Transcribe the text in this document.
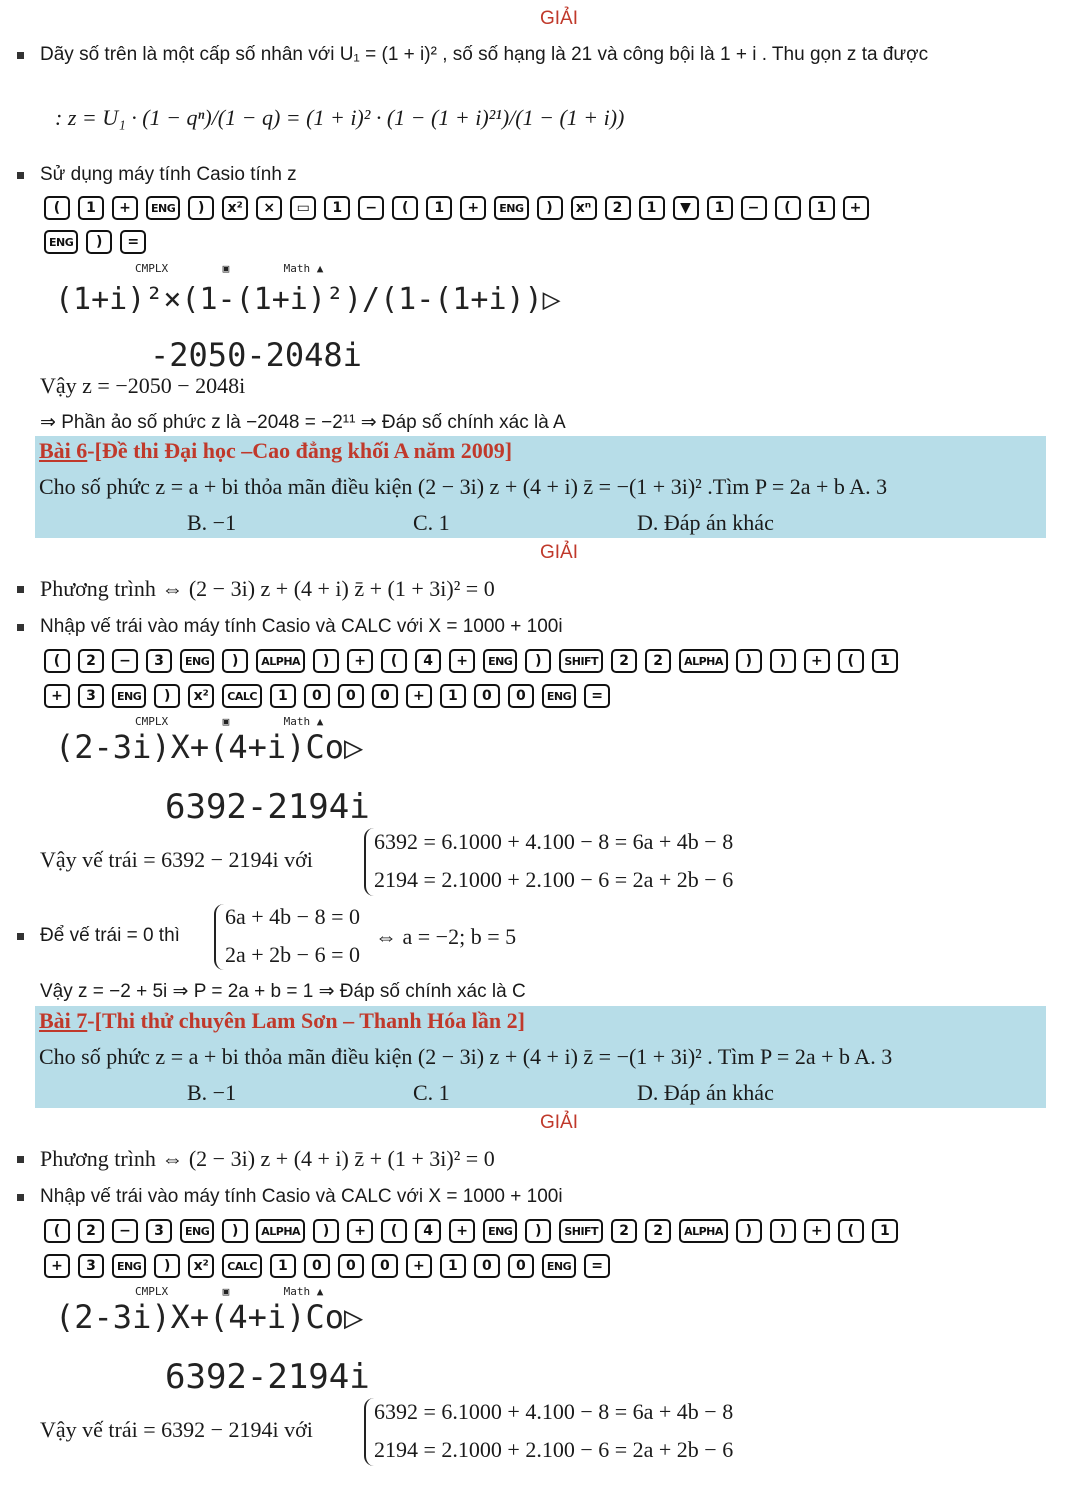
GIẢI
Dãy số trên là một cấp số nhân với U₁ = (1 + i)² , số số hạng là 21 và công bội là 1 + i . Thu gọn z ta được
: z = U₁ · (1 − qⁿ)/(1 − q) = (1 + i)² · (1 − (1 + i)²¹)/(1 − (1 + i))
Sử dụng máy tính Casio tính z
(	1	+	ENG	)	x²	×	▭	1	−	(	1	+	ENG	)	xⁿ	2	1	▼	1	−	(	1	+
ENG	)	=
CMPLX	▣	Math ▲
(1+i)²×(1-(1+i)²)/(1-(1+i))▷
-2050-2048i
Vậy z = −2050 − 2048i
⇒ Phần ảo số phức z là −2048 = −2¹¹ ⇒ Đáp số chính xác là A
Bài 6-[Đề thi Đại học –Cao đẳng khối A năm 2009]
Cho số phức z = a + bi thỏa mãn điều kiện (2 − 3i) z + (4 + i) z̄ = −(1 + 3i)² .Tìm P = 2a + b A. 3
B. −1	C. 1	D. Đáp án khác
GIẢI
Phương trình ⇔ (2 − 3i) z + (4 + i) z̄ + (1 + 3i)² = 0
Nhập vế trái vào máy tính Casio và CALC với X = 1000 + 100i
(	2	−	3	ENG	)	ALPHA	)	+	(	4	+	ENG	)	SHIFT	2	2	ALPHA	)	)	+	(	1
+	3	ENG	)	x²	CALC	1	0	0	0	+	1	0	0	ENG	=
CMPLX	▣	Math ▲
(2-3i)X+(4+i)Co▷
6392-2194i
Vậy vế trái = 6392 − 2194i với
6392 = 6.1000 + 4.100 − 8 = 6a + 4b − 8
2194 = 2.1000 + 2.100 − 6 = 2a + 2b − 6
Để vế trái = 0 thì
6a + 4b − 8 = 0
2a + 2b − 6 = 0
⇔ a = −2; b = 5
Vậy z = −2 + 5i ⇒ P = 2a + b = 1 ⇒ Đáp số chính xác là C
Bài 7-[Thi thử chuyên Lam Sơn – Thanh Hóa lần 2]
Cho số phức z = a + bi thỏa mãn điều kiện (2 − 3i) z + (4 + i) z̄ = −(1 + 3i)² . Tìm P = 2a + b A. 3
B. −1	C. 1	D. Đáp án khác
GIẢI
Phương trình ⇔ (2 − 3i) z + (4 + i) z̄ + (1 + 3i)² = 0
Nhập vế trái vào máy tính Casio và CALC với X = 1000 + 100i
(	2	−	3	ENG	)	ALPHA	)	+	(	4	+	ENG	)	SHIFT	2	2	ALPHA	)	)	+	(	1
+	3	ENG	)	x²	CALC	1	0	0	0	+	1	0	0	ENG	=
CMPLX	▣	Math ▲
(2-3i)X+(4+i)Co▷
6392-2194i
Vậy vế trái = 6392 − 2194i với
6392 = 6.1000 + 4.100 − 8 = 6a + 4b − 8
2194 = 2.1000 + 2.100 − 6 = 2a + 2b − 6
